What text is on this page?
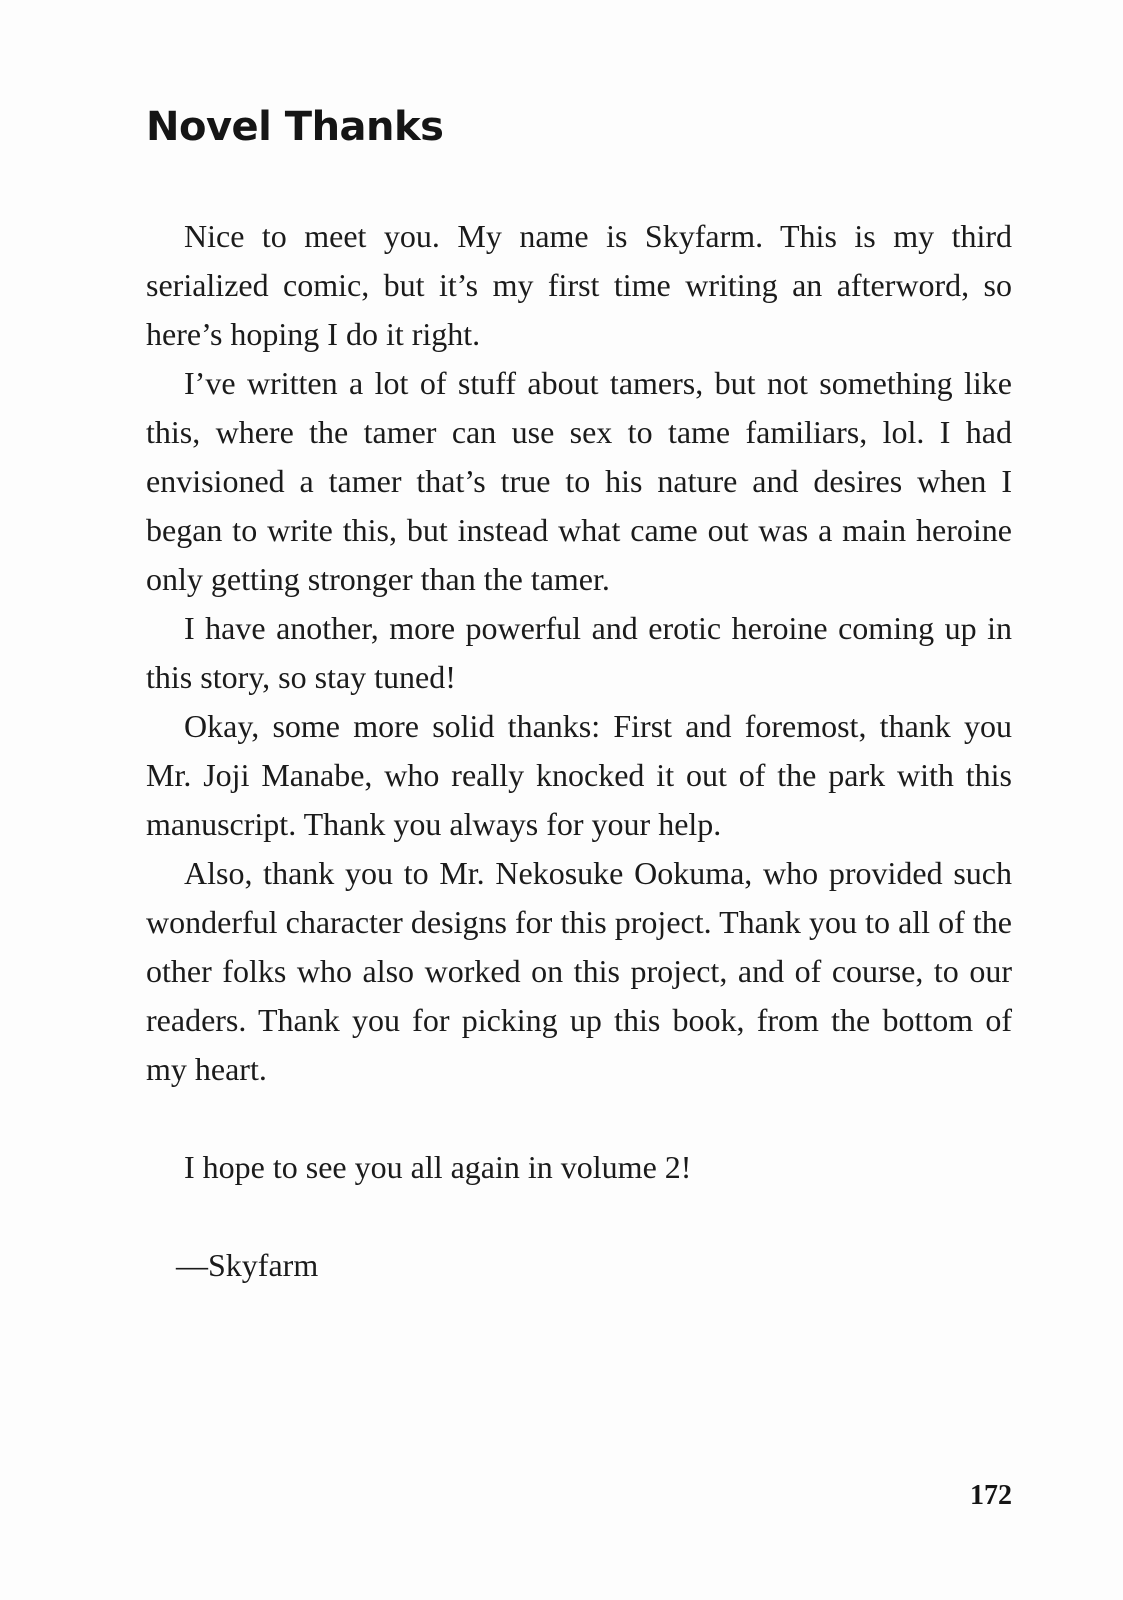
Novel Thanks

Nice to meet you. My name is Skyfarm. This is my third serialized comic, but it’s my first time writing an afterword, so here’s hoping I do it right.

I’ve written a lot of stuff about tamers, but not something like this, where the tamer can use sex to tame familiars, lol. I had envisioned a tamer that’s true to his nature and desires when I began to write this, but instead what came out was a main heroine only getting stronger than the tamer.

I have another, more powerful and erotic heroine coming up in this story, so stay tuned!

Okay, some more solid thanks: First and foremost, thank you Mr. Joji Manabe, who really knocked it out of the park with this manuscript. Thank you always for your help.

Also, thank you to Mr. Nekosuke Ookuma, who provided such wonderful character designs for this project. Thank you to all of the other folks who also worked on this project, and of course, to our readers. Thank you for picking up this book, from the bottom of my heart.

I hope to see you all again in volume 2!

—Skyfarm

172
